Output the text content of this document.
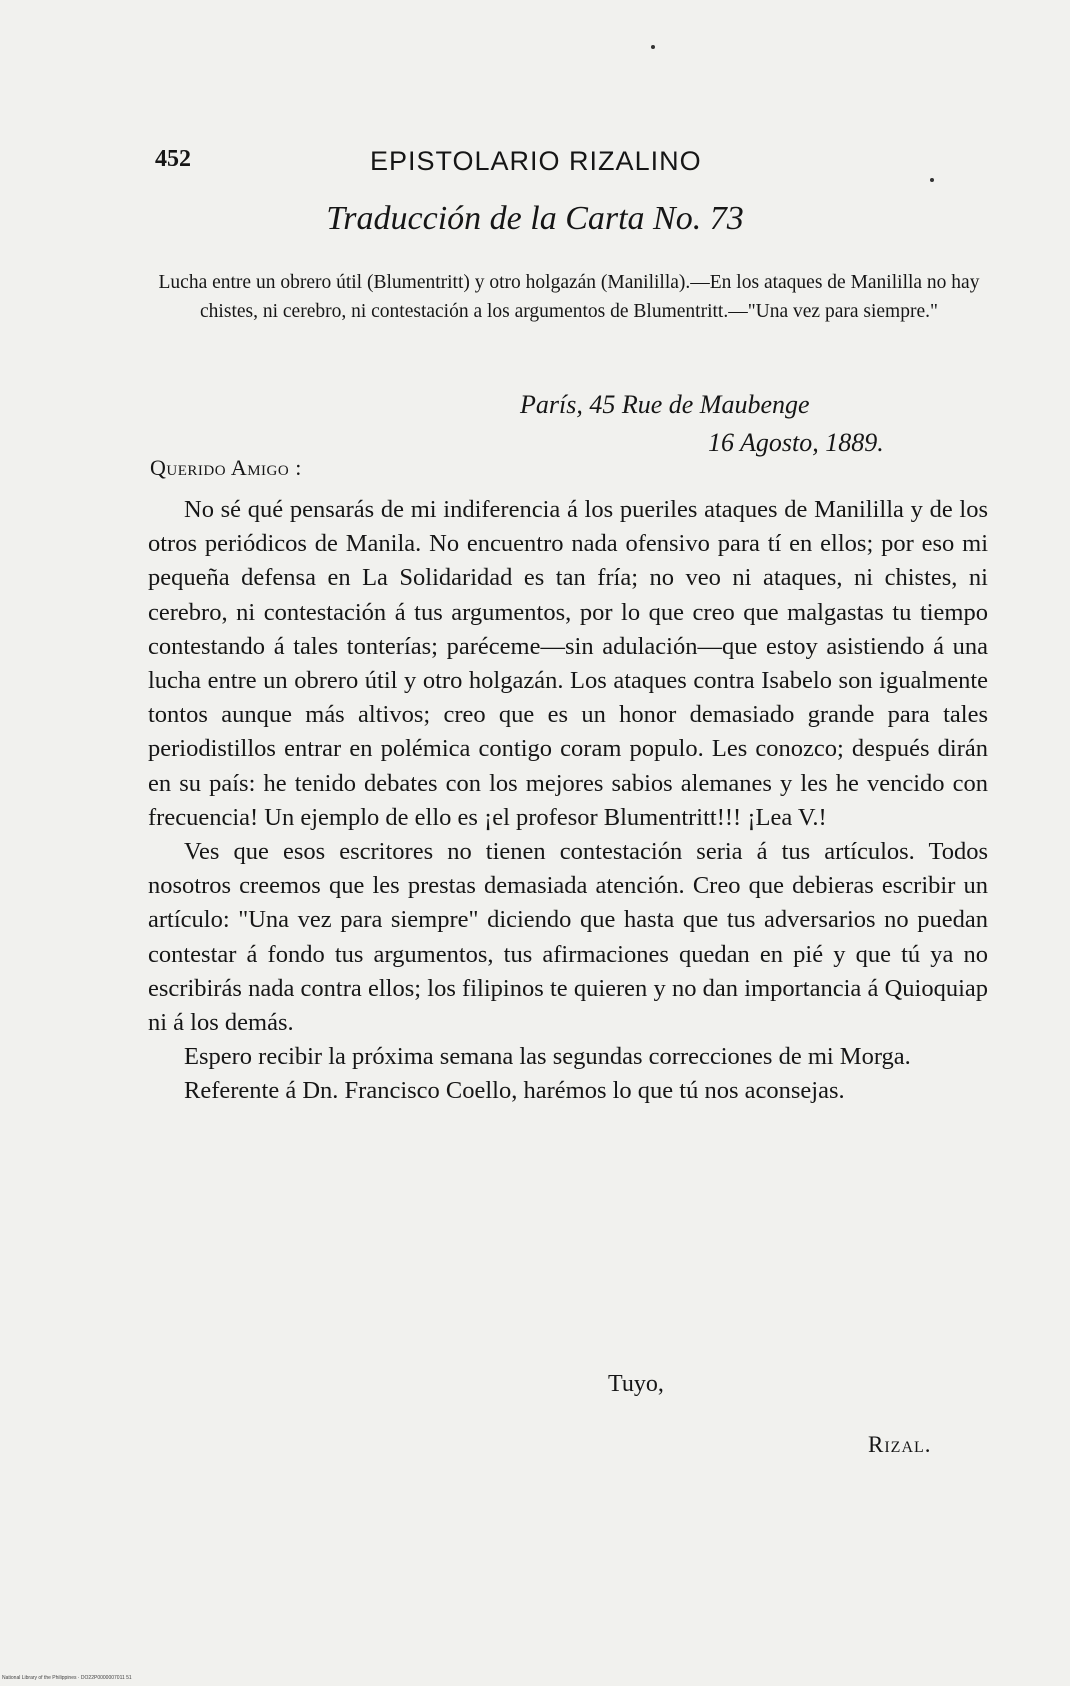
452	EPISTOLARIO RIZALINO
Traducción de la Carta No. 73
Lucha entre un obrero útil (Blumentritt) y otro holgazán (Manililla).—En los ataques de Manililla no hay chistes, ni cerebro, ni contestación a los argumentos de Blumentritt.—"Una vez para siempre."
París, 45 Rue de Maubenge
16 Agosto, 1889.
Querido Amigo :

No sé qué pensarás de mi indiferencia á los pueriles ataques de Manililla y de los otros periódicos de Manila. No encuentro nada ofensivo para tí en ellos; por eso mi pequeña defensa en La Solidaridad es tan fría; no veo ni ataques, ni chistes, ni cerebro, ni contestación á tus argumentos, por lo que creo que malgastas tu tiempo contestando á tales tonterías; paréceme—sin adulación—que estoy asistiendo á una lucha entre un obrero útil y otro holgazán. Los ataques contra Isabelo son igualmente tontos aunque más altivos; creo que es un honor demasiado grande para tales periodistillos entrar en polémica contigo coram populo. Les conozco; después dirán en su país: he tenido debates con los mejores sabios alemanes y les he vencido con frecuencia! Un ejemplo de ello es ¡el profesor Blumentritt!!! ¡Lea V.!

Ves que esos escritores no tienen contestación seria á tus artículos. Todos nosotros creemos que les prestas demasiada atención. Creo que debieras escribir un artículo: "Una vez para siempre" diciendo que hasta que tus adversarios no puedan contestar á fondo tus argumentos, tus afirmaciones quedan en pié y que tú ya no escribirás nada contra ellos; los filipinos te quieren y no dan importancia á Quioquiap ni á los demás.

Espero recibir la próxima semana las segundas correcciones de mi Morga.

Referente á Dn. Francisco Coello, harémos lo que tú nos aconsejas.

Tuyo,
Rizal.
National Library of the Philippines · DO22P0000007011 51
